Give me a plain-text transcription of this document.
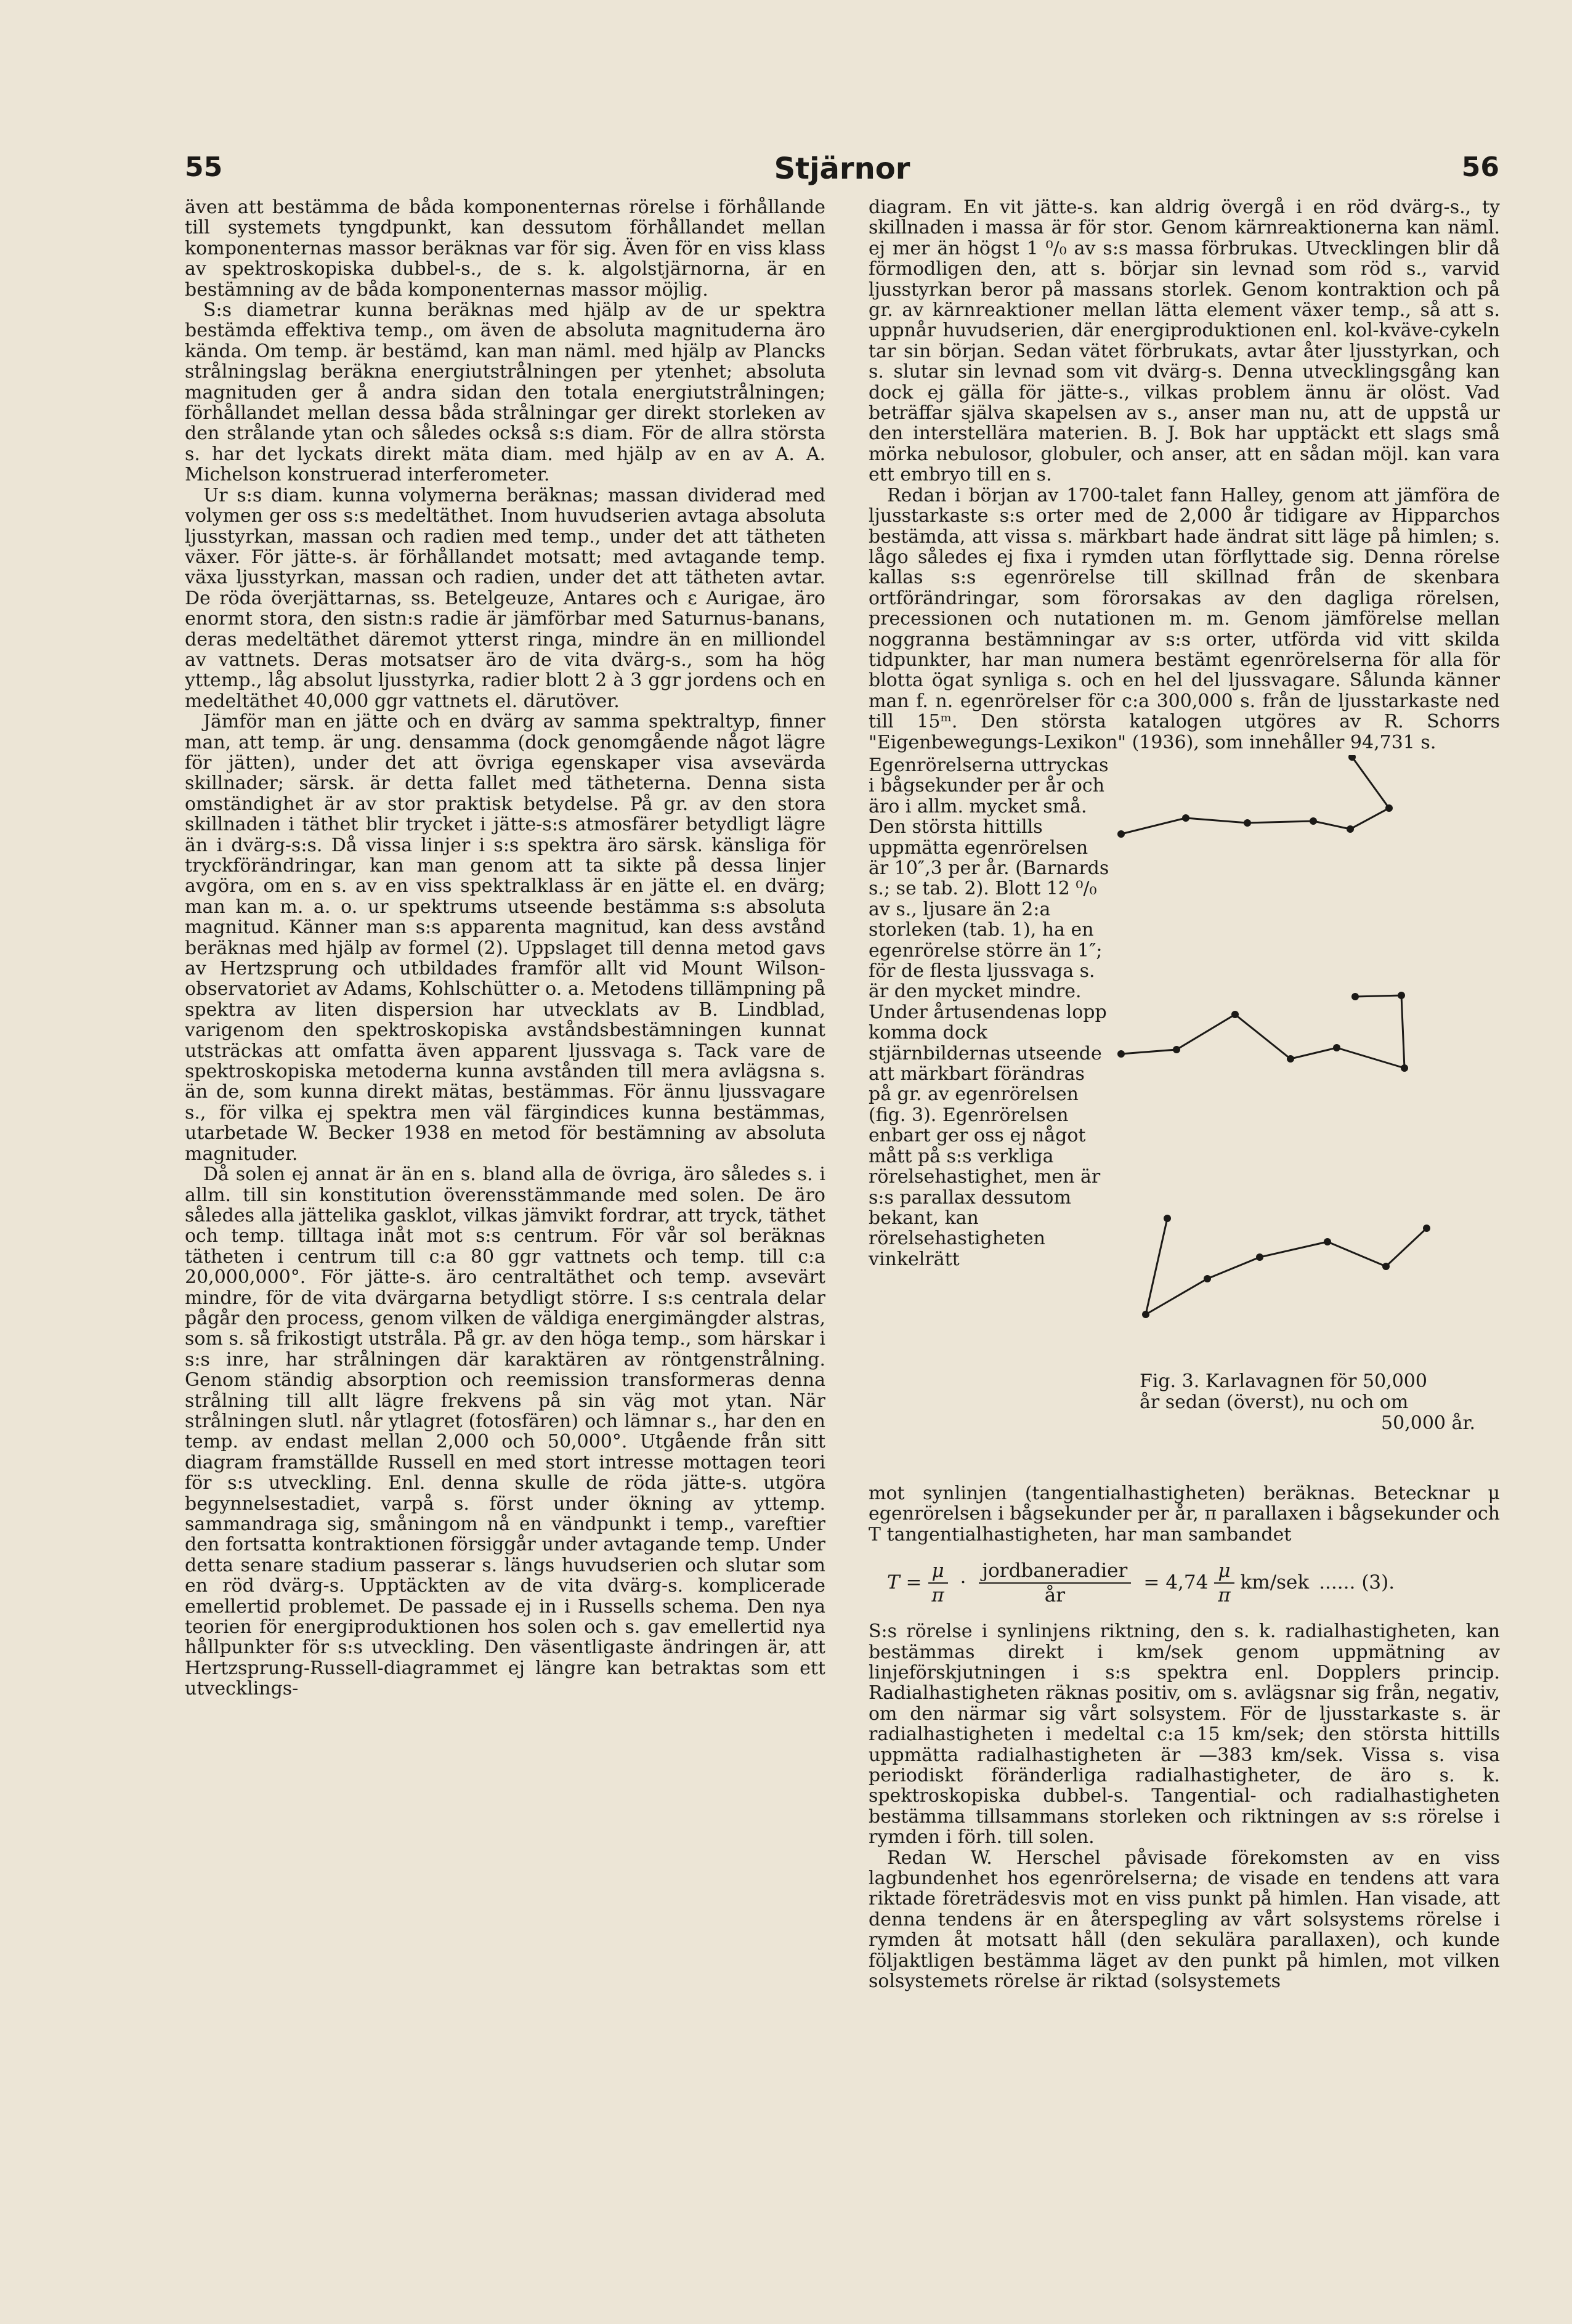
55	Stjärnor	56

även att bestämma de båda komponenternas rörelse i förhållande till systemets tyngdpunkt, kan dessutom förhållandet mellan komponenternas massor beräknas var för sig. Även för en viss klass av spektroskopiska dubbel-s., de s. k. algolstjärnorna, är en bestämning av de båda komponenternas massor möjlig.

S:s diametrar kunna beräknas med hjälp av de ur spektra bestämda effektiva temp., om även de absoluta magnituderna äro kända. Om temp. är bestämd, kan man näml. med hjälp av Plancks strålningslag beräkna energiutstrålningen per ytenhet; absoluta magnituden ger å andra sidan den totala energiutstrålningen; förhållandet mellan dessa båda strålningar ger direkt storleken av den strålande ytan och således också s:s diam. För de allra största s. har det lyckats direkt mäta diam. med hjälp av en av A. A. Michelson konstruerad interferometer.

Ur s:s diam. kunna volymerna beräknas; massan dividerad med volymen ger oss s:s medeltäthet. Inom huvudserien avtaga absoluta ljusstyrkan, massan och radien med temp., under det att tätheten växer. För jätte-s. är förhållandet motsatt; med avtagande temp. växa ljusstyrkan, massan och radien, under det att tätheten avtar. De röda överjättarnas, ss. Betelgeuze, Antares och ε Aurigae, äro enormt stora, den sistn:s radie är jämförbar med Saturnus-banans, deras medeltäthet däremot ytterst ringa, mindre än en milliondel av vattnets. Deras motsatser äro de vita dvärg-s., som ha hög yttemp., låg absolut ljusstyrka, radier blott 2 à 3 ggr jordens och en medeltäthet 40,000 ggr vattnets el. därutöver.

Jämför man en jätte och en dvärg av samma spektraltyp, finner man, att temp. är ung. densamma (dock genomgående något lägre för jätten), under det att övriga egenskaper visa avsevärda skillnader; särsk. är detta fallet med tätheterna. Denna sista omständighet är av stor praktisk betydelse. På gr. av den stora skillnaden i täthet blir trycket i jätte-s:s atmosfärer betydligt lägre än i dvärg-s:s. Då vissa linjer i s:s spektra äro särsk. känsliga för tryckförändringar, kan man genom att ta sikte på dessa linjer avgöra, om en s. av en viss spektralklass är en jätte el. en dvärg; man kan m. a. o. ur spektrums utseende bestämma s:s absoluta magnitud. Känner man s:s apparenta magnitud, kan dess avstånd beräknas med hjälp av formel (2). Uppslaget till denna metod gavs av Hertzsprung och utbildades framför allt vid Mount Wilson-observatoriet av Adams, Kohlschütter o. a. Metodens tillämpning på spektra av liten dispersion har utvecklats av B. Lindblad, varigenom den spektroskopiska avståndsbestämningen kunnat utsträckas att omfatta även apparent ljussvaga s. Tack vare de spektroskopiska metoderna kunna avstånden till mera avlägsna s. än de, som kunna direkt mätas, bestämmas. För ännu ljussvagare s., för vilka ej spektra men väl färgindices kunna bestämmas, utarbetade W. Becker 1938 en metod för bestämning av absoluta magnituder.

Då solen ej annat är än en s. bland alla de övriga, äro således s. i allm. till sin konstitution överensstämmande med solen. De äro således alla jättelika gasklot, vilkas jämvikt fordrar, att tryck, täthet och temp. tilltaga inåt mot s:s centrum. För vår sol beräknas tätheten i centrum till c:a 80 ggr vattnets och temp. till c:a 20,000,000°. För jätte-s. äro centraltäthet och temp. avsevärt mindre, för de vita dvärgarna betydligt större. I s:s centrala delar pågår den process, genom vilken de väldiga energimängder alstras, som s. så frikostigt utstrålа. På gr. av den höga temp., som härskar i s:s inre, har strålningen där karaktären av röntgenstrålning. Genom ständig absorption och reemission transformeras denna strålning till allt lägre frekvens på sin väg mot ytan. När strålningen slutl. når ytlagret (fotosfären) och lämnar s., har den en temp. av endast mellan 2,000 och 50,000°. Utgående från sitt diagram framställde Russell en med stort intresse mottagen teori för s:s utveckling. Enl. denna skulle de röda jätte-s. utgöra begynnelsestadiet, varpå s. först under ökning av yttemp. sammandraga sig, småningom nå en vändpunkt i temp., vareftier den fortsatta kontraktionen försiggår under avtagande temp. Under detta senare stadium passerar s. längs huvudserien och slutar som en röd dvärg-s. Upptäckten av de vita dvärg-s. komplicerade emellertid problemet. De passade ej in i Russells schema. Den nya teorien för energiproduktionen hos solen och s. gav emellertid nya hållpunkter för s:s utveckling. Den väsentligaste ändringen är, att Hertzsprung-Russell-diagrammet ej längre kan betraktas som ett utvecklings-

diagram. En vit jätte-s. kan aldrig övergå i en röd dvärg-s., ty skillnaden i massa är för stor. Genom kärnreaktionerna kan näml. ej mer än högst 1 ⁰/₀ av s:s massa förbrukas. Utvecklingen blir då förmodligen den, att s. börjar sin levnad som röd s., varvid ljusstyrkan beror på massans storlek. Genom kontraktion och på gr. av kärnreaktioner mellan lätta element växer temp., så att s. uppnår huvudserien, där energiproduktionen enl. kol-kväve-cykeln tar sin början. Sedan vätet förbrukats, avtar åter ljusstyrkan, och s. slutar sin levnad som vit dvärg-s. Denna utvecklingsgång kan dock ej gälla för jätte-s., vilkas problem ännu är olöst. Vad beträffar själva skapelsen av s., anser man nu, att de uppstå ur den interstellära materien. B. J. Bok har upptäckt ett slags små mörka nebulosor, globuler, och anser, att en sådan möjl. kan vara ett embryo till en s.

Redan i början av 1700-talet fann Halley, genom att jämföra de ljusstarkaste s:s orter med de 2,000 år tidigare av Hipparchos bestämda, att vissa s. märkbart hade ändrat sitt läge på himlen; s. lågo således ej fixa i rymden utan förflyttade sig. Denna rörelse kallas s:s egenrörelse till skillnad från de skenbara ortförändringar, som förorsakas av den dagliga rörelsen, precessionen och nutationen m. m. Genom jämförelse mellan noggranna bestämningar av s:s orter, utförda vid vitt skilda tidpunkter, har man numera bestämt egenrörelserna för alla för blotta ögat synliga s. och en hel del ljussvagare. Sålunda känner man f. n. egenrörelser för c:a 300,000 s. från de ljusstarkaste ned till 15ᵐ. Den största katalogen utgöres av R. Schorrs "Eigenbewegungs-Lexikon" (1936), som innehåller 94,731 s.

Egenrörelserna uttryckas i bågsekunder per år och äro i allm. mycket små. Den största hittills uppmätta egenrörelsen är 10″,3 per år. (Barnards s.; se tab. 2). Blott 12 ⁰/₀ av s., ljusare än 2:a storleken (tab. 1), ha en egenrörelse större än 1″; för de flesta ljussvaga s. är den mycket mindre. Under årtusendenas lopp komma dock stjärnbildernas utseende att märkbart förändras på gr. av egenrörelsen (fig. 3). Egenrörelsen enbart ger oss ej något mått på s:s verkliga rörelsehastighet, men är s:s parallax dessutom bekant, kan rörelsehastigheten vinkelrätt

Fig. 3. Karlavagnen för 50,000
år sedan (överst), nu och om
50,000 år.

mot synlinjen (tangentialhastigheten) beräknas. Betecknar μ egenrörelsen i bågsekunder per år, π parallaxen i bågsekunder och T tangentialhastigheten, har man sambandet

$T = \frac{\mu}{\pi} \cdot \frac{\text{jordbaneradier}}{år} = 4,74 \frac{\mu}{\pi} km/sek$ ...... (3).

S:s rörelse i synlinjens riktning, den s. k. radialhastigheten, kan bestämmas direkt i km/sek genom uppmätning av linjeförskjutningen i s:s spektra enl. Dopplers princip. Radialhastigheten räknas positiv, om s. avlägsnar sig från, negativ, om den närmar sig vårt solsystem. För de ljusstarkaste s. är radialhastigheten i medeltal c:a 15 km/sek; den största hittills uppmätta radialhastigheten är —383 km/sek. Vissa s. visa periodiskt föränderliga radialhastigheter, de äro s. k. spektroskopiska dubbel-s. Tangential- och radialhastigheten bestämma tillsammans storleken och riktningen av s:s rörelse i rymden i förh. till solen.

Redan W. Herschel påvisade förekomsten av en viss lagbundenhet hos egenrörelserna; de visade en tendens att vara riktade företrädesvis mot en viss punkt på himlen. Han visade, att denna tendens är en återspegling av vårt solsystems rörelse i rymden åt motsatt håll (den sekulära parallaxen), och kunde följaktligen bestämma läget av den punkt på himlen, mot vilken solsystemets rörelse är riktad (solsystemets
